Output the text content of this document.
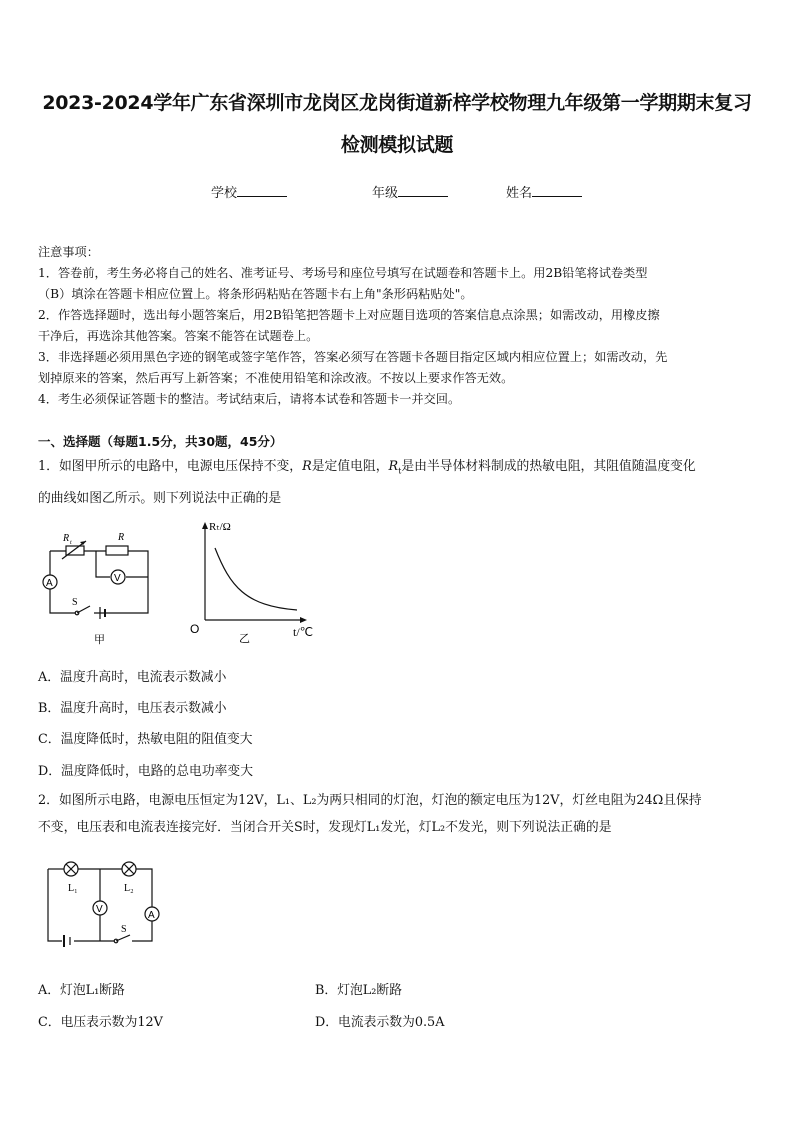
2023-2024学年广东省深圳市龙岗区龙岗街道新梓学校物理九年级第一学期期末复习
检测模拟试题
学校	年级	姓名

注意事项：

1．答卷前，考生务必将自己的姓名、准考证号、考场号和座位号填写在试题卷和答题卡上。用2B铅笔将试卷类型

（B）填涂在答题卡相应位置上。将条形码粘贴在答题卡右上角"条形码粘贴处"。

2．作答选择题时，选出每小题答案后，用2B铅笔把答题卡上对应题目选项的答案信息点涂黑；如需改动，用橡皮擦

干净后，再选涂其他答案。答案不能答在试题卷上。

3．非选择题必须用黑色字迹的钢笔或签字笔作答，答案必须写在答题卡各题目指定区域内相应位置上；如需改动，先

划掉原来的答案，然后再写上新答案；不准使用铅笔和涂改液。不按以上要求作答无效。

4．考生必须保证答题卡的整洁。考试结束后，请将本试卷和答题卡一并交回。

一、选择题（每题1.5分，共30题，45分）

1．如图甲所示的电路中，电源电压保持不变，R是定值电阻，$R_t$是由半导体材料制成的热敏电阻，其阻值随温度变化

的曲线如图乙所示。则下列说法中正确的是

R t	R
A	V
S
甲
Rₜ/Ω
O	t/℃
乙
A．温度升高时，电流表示数减小
B．温度升高时，电压表示数减小
C．温度降低时，热敏电阻的阻值变大
D．温度降低时，电路的总电功率变大

2．如图所示电路，电源电压恒定为12V，L₁、L₂为两只相同的灯泡，灯泡的额定电压为12V，灯丝电阻为24Ω且保持

不变，电压表和电流表连接完好．当闭合开关S时，发现灯L₁发光，灯L₂不发光，则下列说法正确的是

L₁	L₂
V
A
S
A．灯泡L₁断路	B．灯泡L₂断路
C．电压表示数为12V	D．电流表示数为0.5A
